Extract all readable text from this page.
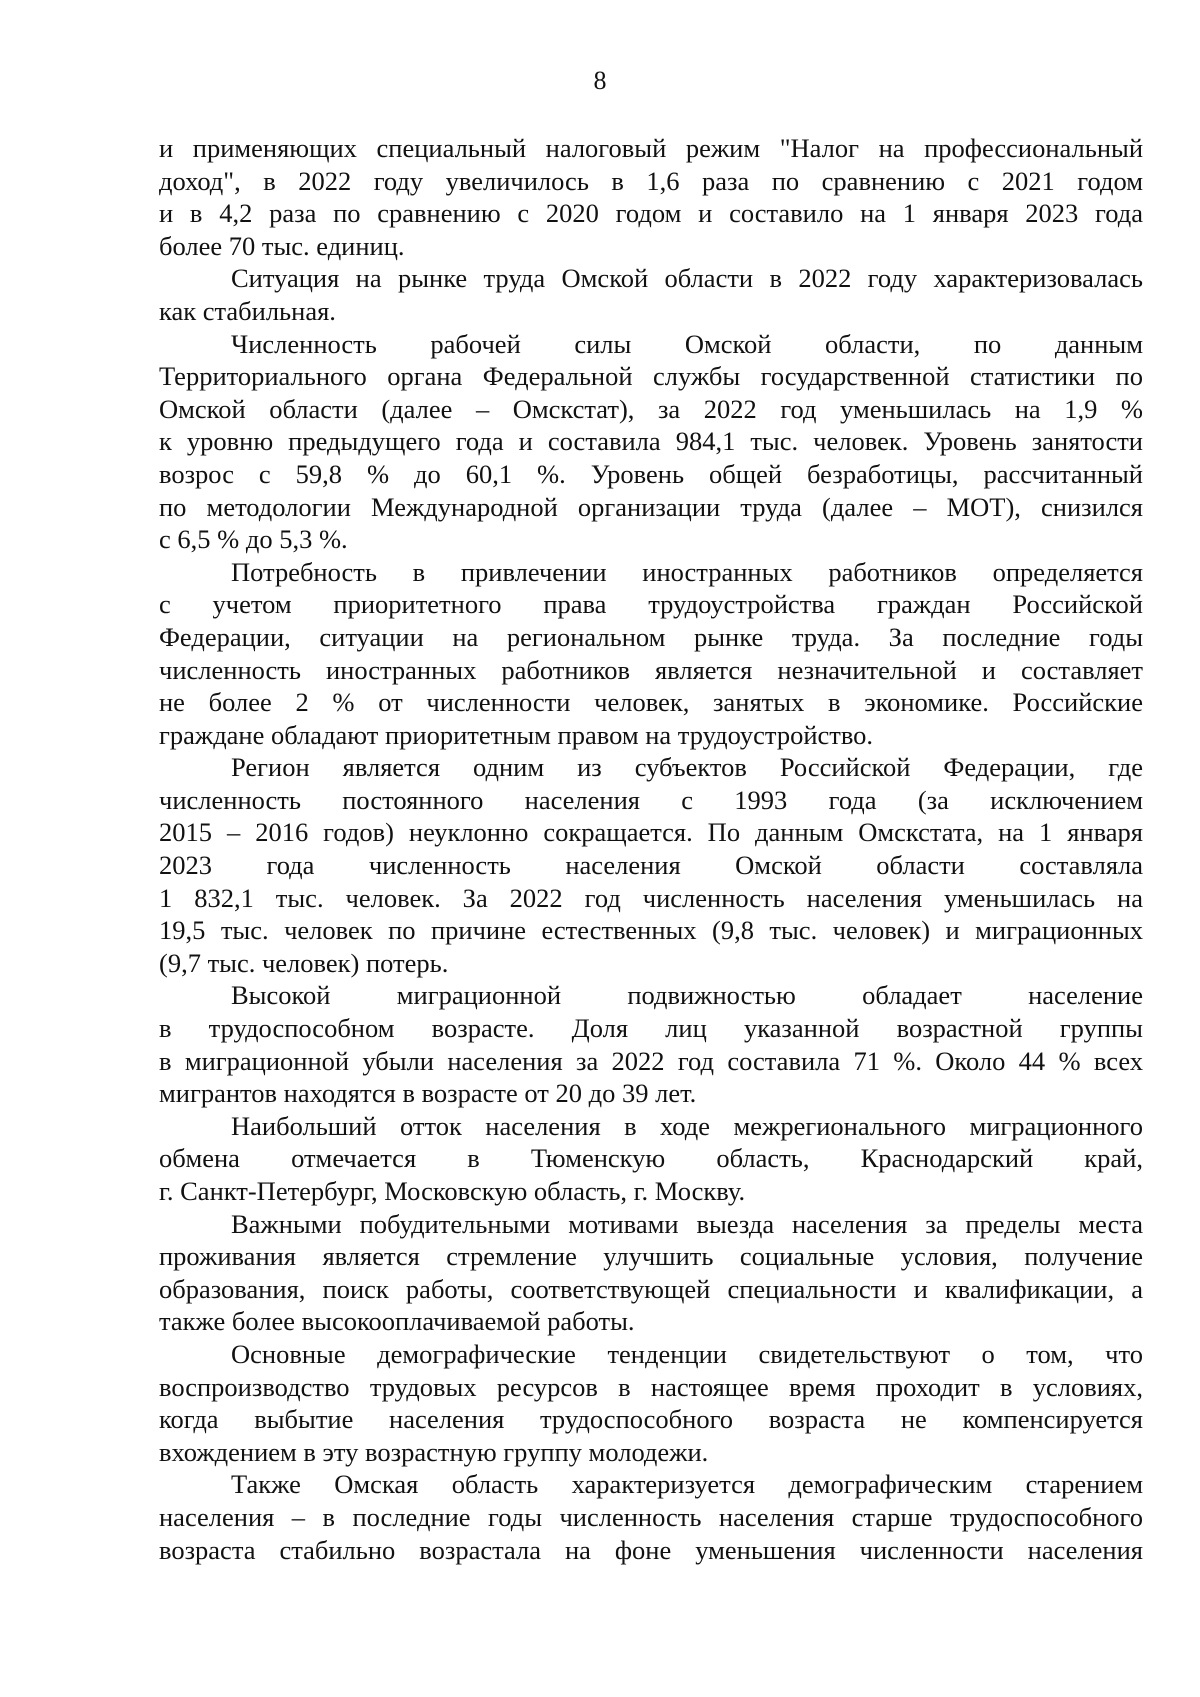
8
и применяющих специальный налоговый режим "Налог на профессиональный
доход", в 2022 году увеличилось в 1,6 раза по сравнению с 2021 годом
и в 4,2 раза по сравнению с 2020 годом и составило на 1 января 2023 года
более 70 тыс. единиц.
Ситуация на рынке труда Омской области в 2022 году характеризовалась
как стабильная.
Численность рабочей силы Омской области, по данным
Территориального органа Федеральной службы государственной статистики по
Омской области (далее – Омскстат), за 2022 год уменьшилась на 1,9 %
к уровню предыдущего года и составила 984,1 тыс. человек. Уровень занятости
возрос с 59,8 % до 60,1 %. Уровень общей безработицы, рассчитанный
по методологии Международной организации труда (далее – МОТ), снизился
с 6,5 % до 5,3 %.
Потребность в привлечении иностранных работников определяется
с учетом приоритетного права трудоустройства граждан Российской
Федерации, ситуации на региональном рынке труда. За последние годы
численность иностранных работников является незначительной и составляет
не более 2 % от численности человек, занятых в экономике. Российские
граждане обладают приоритетным правом на трудоустройство.
Регион является одним из субъектов Российской Федерации, где
численность постоянного населения с 1993 года (за исключением
2015 – 2016 годов) неуклонно сокращается. По данным Омскстата, на 1 января
2023 года численность населения Омской области составляла
1 832,1 тыс. человек. За 2022 год численность населения уменьшилась на
19,5 тыс. человек по причине естественных (9,8 тыс. человек) и миграционных
(9,7 тыс. человек) потерь.
Высокой миграционной подвижностью обладает население
в трудоспособном возрасте. Доля лиц указанной возрастной группы
в миграционной убыли населения за 2022 год составила 71 %. Около 44 % всех
мигрантов находятся в возрасте от 20 до 39 лет.
Наибольший отток населения в ходе межрегионального миграционного
обмена отмечается в Тюменскую область, Краснодарский край,
г. Санкт-Петербург, Московскую область, г. Москву.
Важными побудительными мотивами выезда населения за пределы места
проживания является стремление улучшить социальные условия, получение
образования, поиск работы, соответствующей специальности и квалификации, а
также более высокооплачиваемой работы.
Основные демографические тенденции свидетельствуют о том, что
воспроизводство трудовых ресурсов в настоящее время проходит в условиях,
когда выбытие населения трудоспособного возраста не компенсируется
вхождением в эту возрастную группу молодежи.
Также Омская область характеризуется демографическим старением
населения – в последние годы численность населения старше трудоспособного
возраста стабильно возрастала на фоне уменьшения численности населения
